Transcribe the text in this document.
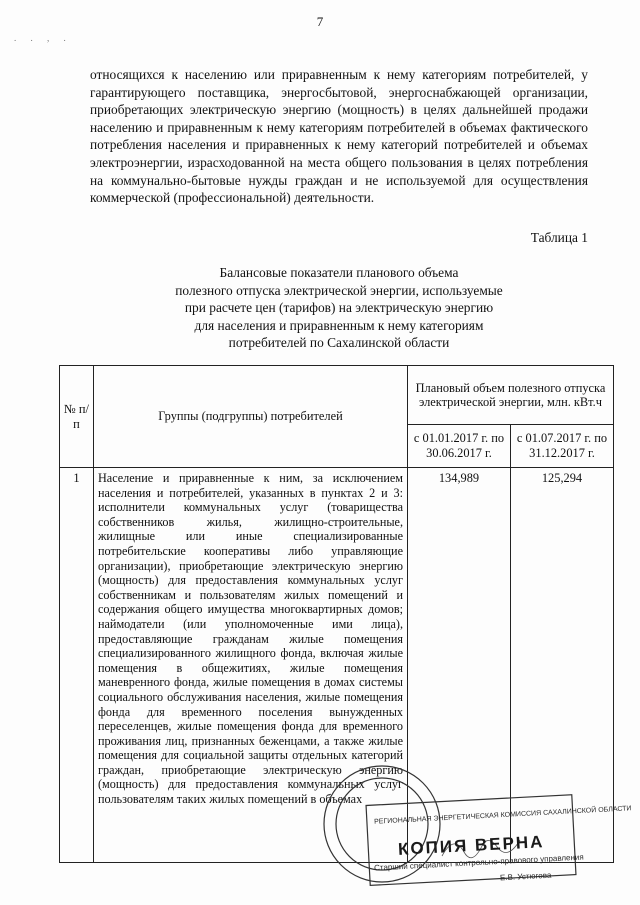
7
. . , .
относящихся к населению или приравненным к нему категориям потребителей, у гарантирующего поставщика, энергосбытовой, энергоснабжающей организации, приобретающих электрическую энергию (мощность) в целях дальнейшей продажи населению и приравненным к нему категориям потребителей в объемах фактического потребления населения и приравненных к нему категорий потребителей и объемах электроэнергии, израсходованной на места общего пользования в целях потребления на коммунально-бытовые нужды граждан и не используемой для осуществления коммерческой (профессиональной) деятельности.
Таблица 1
Балансовые показатели планового объема
полезного отпуска электрической энергии, используемые
при расчете цен (тарифов) на электрическую энергию
для населения и приравненным к нему категориям
потребителей по Сахалинской области
№ п/п	Группы (подгруппы) потребителей	Плановый объем полезного отпуска электрической энергии, млн. кВт.ч	
		с 01.01.2017 г. по 30.06.2017 г.	с 01.07.2017 г. по 31.12.2017 г.
1	Население и приравненные к ним, за исключением населения и потребителей, указанных в пунктах 2 и 3: исполнители коммунальных услуг (товарищества собственников жилья, жилищно-строительные, жилищные или иные специализированные потребительские кооперативы либо управляющие организации), приобретающие электрическую энергию (мощность) для предоставления коммунальных услуг собственникам и пользователям жилых помещений и содержания общего имущества многоквартирных домов; наймодатели (или уполномоченные ими лица), предоставляющие гражданам жилые помещения специализированного жилищного фонда, включая жилые помещения в общежитиях, жилые помещения маневренного фонда, жилые помещения в домах системы социального обслуживания населения, жилые помещения фонда для временного поселения вынужденных переселенцев, жилые помещения фонда для временного проживания лиц, признанных беженцами, а также жилые помещения для социальной защиты отдельных категорий граждан, приобретающие электрическую энергию (мощность) для предоставления коммунальных услуг пользователям таких жилых помещений в объемах	134,989	125,294
РЕГИОНАЛЬНАЯ ЭНЕРГЕТИЧЕСКАЯ КОМИССИЯ САХАЛИНСКОЙ ОБЛАСТИ
КОПИЯ ВЕРНА
Старший специалист контрольно-правового управления
Е.В. Устюгова
